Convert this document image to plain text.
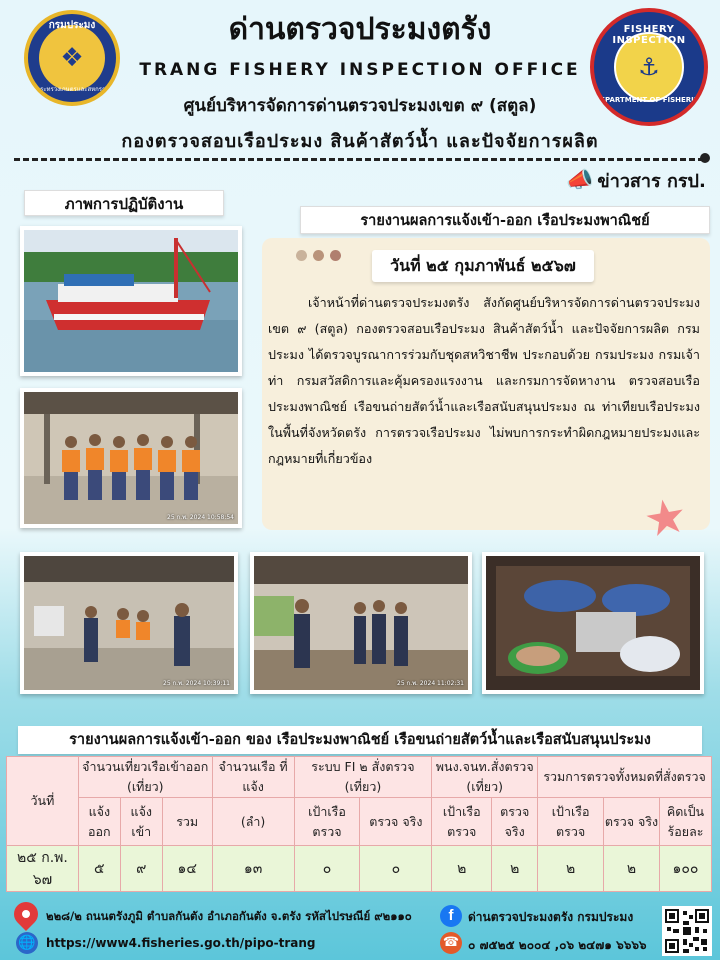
กรมประมง
❖
กระทรวงเกษตรและสหกรณ์
ด่านตรวจประมงตรัง
TRANG FISHERY INSPECTION OFFICE
ศูนย์บริหารจัดการด่านตรวจประมงเขต ๙ (สตูล)
กองตรวจสอบเรือประมง สินค้าสัตว์น้ำ และปัจจัยการผลิต
FISHERY INSPECTION
⚓
DEPARTMENT OF FISHERIES
📣 ข่าวสาร กรป.
ภาพการปฏิบัติงาน
รายงานผลการแจ้งเข้า-ออก เรือประมงพาณิชย์
25 ก.พ. 2024 10:58:54
25 ก.พ. 2024 10:39:11	25 ก.พ. 2024 11:02:31
วันที่ ๒๕ กุมภาพันธ์ ๒๕๖๗
เจ้าหน้าที่ด่านตรวจประมงตรัง สังกัดศูนย์บริหารจัดการด่านตรวจประมง เขต ๙ (สตูล) กองตรวจสอบเรือประมง สินค้าสัตว์น้ำ และปัจจัยการผลิต กรมประมง ได้ตรวจบูรณาการร่วมกับชุดสหวิชาชีพ ประกอบด้วย กรมประมง กรมเจ้าท่า กรมสวัสดิการและคุ้มครองแรงงาน และกรมการจัดหางาน ตรวจสอบเรือประมงพาณิชย์ เรือขนถ่ายสัตว์น้ำและเรือสนับสนุนประมง ณ ท่าเทียบเรือประมงในพื้นที่จังหวัดตรัง การตรวจเรือประมง ไม่พบการกระทำผิดกฎหมายประมงและกฎหมายที่เกี่ยวข้อง
★
รายงานผลการแจ้งเข้า-ออก ของ เรือประมงพาณิชย์ เรือขนถ่ายสัตว์น้ำและเรือสนับสนุนประมง
วันที่	จำนวนเที่ยวเรือเข้าออก (เที่ยว)			จำนวนเรือ ที่แจ้ง	ระบบ FI ๒ สั่งตรวจ (เที่ยว)		พนง.จนท.สั่งตรวจ (เที่ยว)		รวมการตรวจทั้งหมดที่สั่งตรวจ		
	แจ้ง ออก	แจ้ง เข้า	รวม	(ลำ)	เป้าเรือ ตรวจ	ตรวจ จริง	เป้าเรือ ตรวจ	ตรวจ จริง	เป้าเรือ ตรวจ	ตรวจ จริง	คิดเป็น ร้อยละ
๒๕ ก.พ. ๖๗	๕	๙	๑๔	๑๓	๐	๐	๒	๒	๒	๒	๑๐๐
๒๒๘/๒ ถนนตรังภูมิ ตำบลกันตัง อำเภอกันตัง จ.ตรัง รหัสไปรษณีย์ ๙๒๑๑๐
🌐 https://www4.fisheries.go.th/pipo-trang
f	ด่านตรวจประมงตรัง กรมประมง
☎ ๐ ๗๕๒๕ ๒๐๐๔ ,๐๖ ๒๔๗๑ ๖๖๖๖
